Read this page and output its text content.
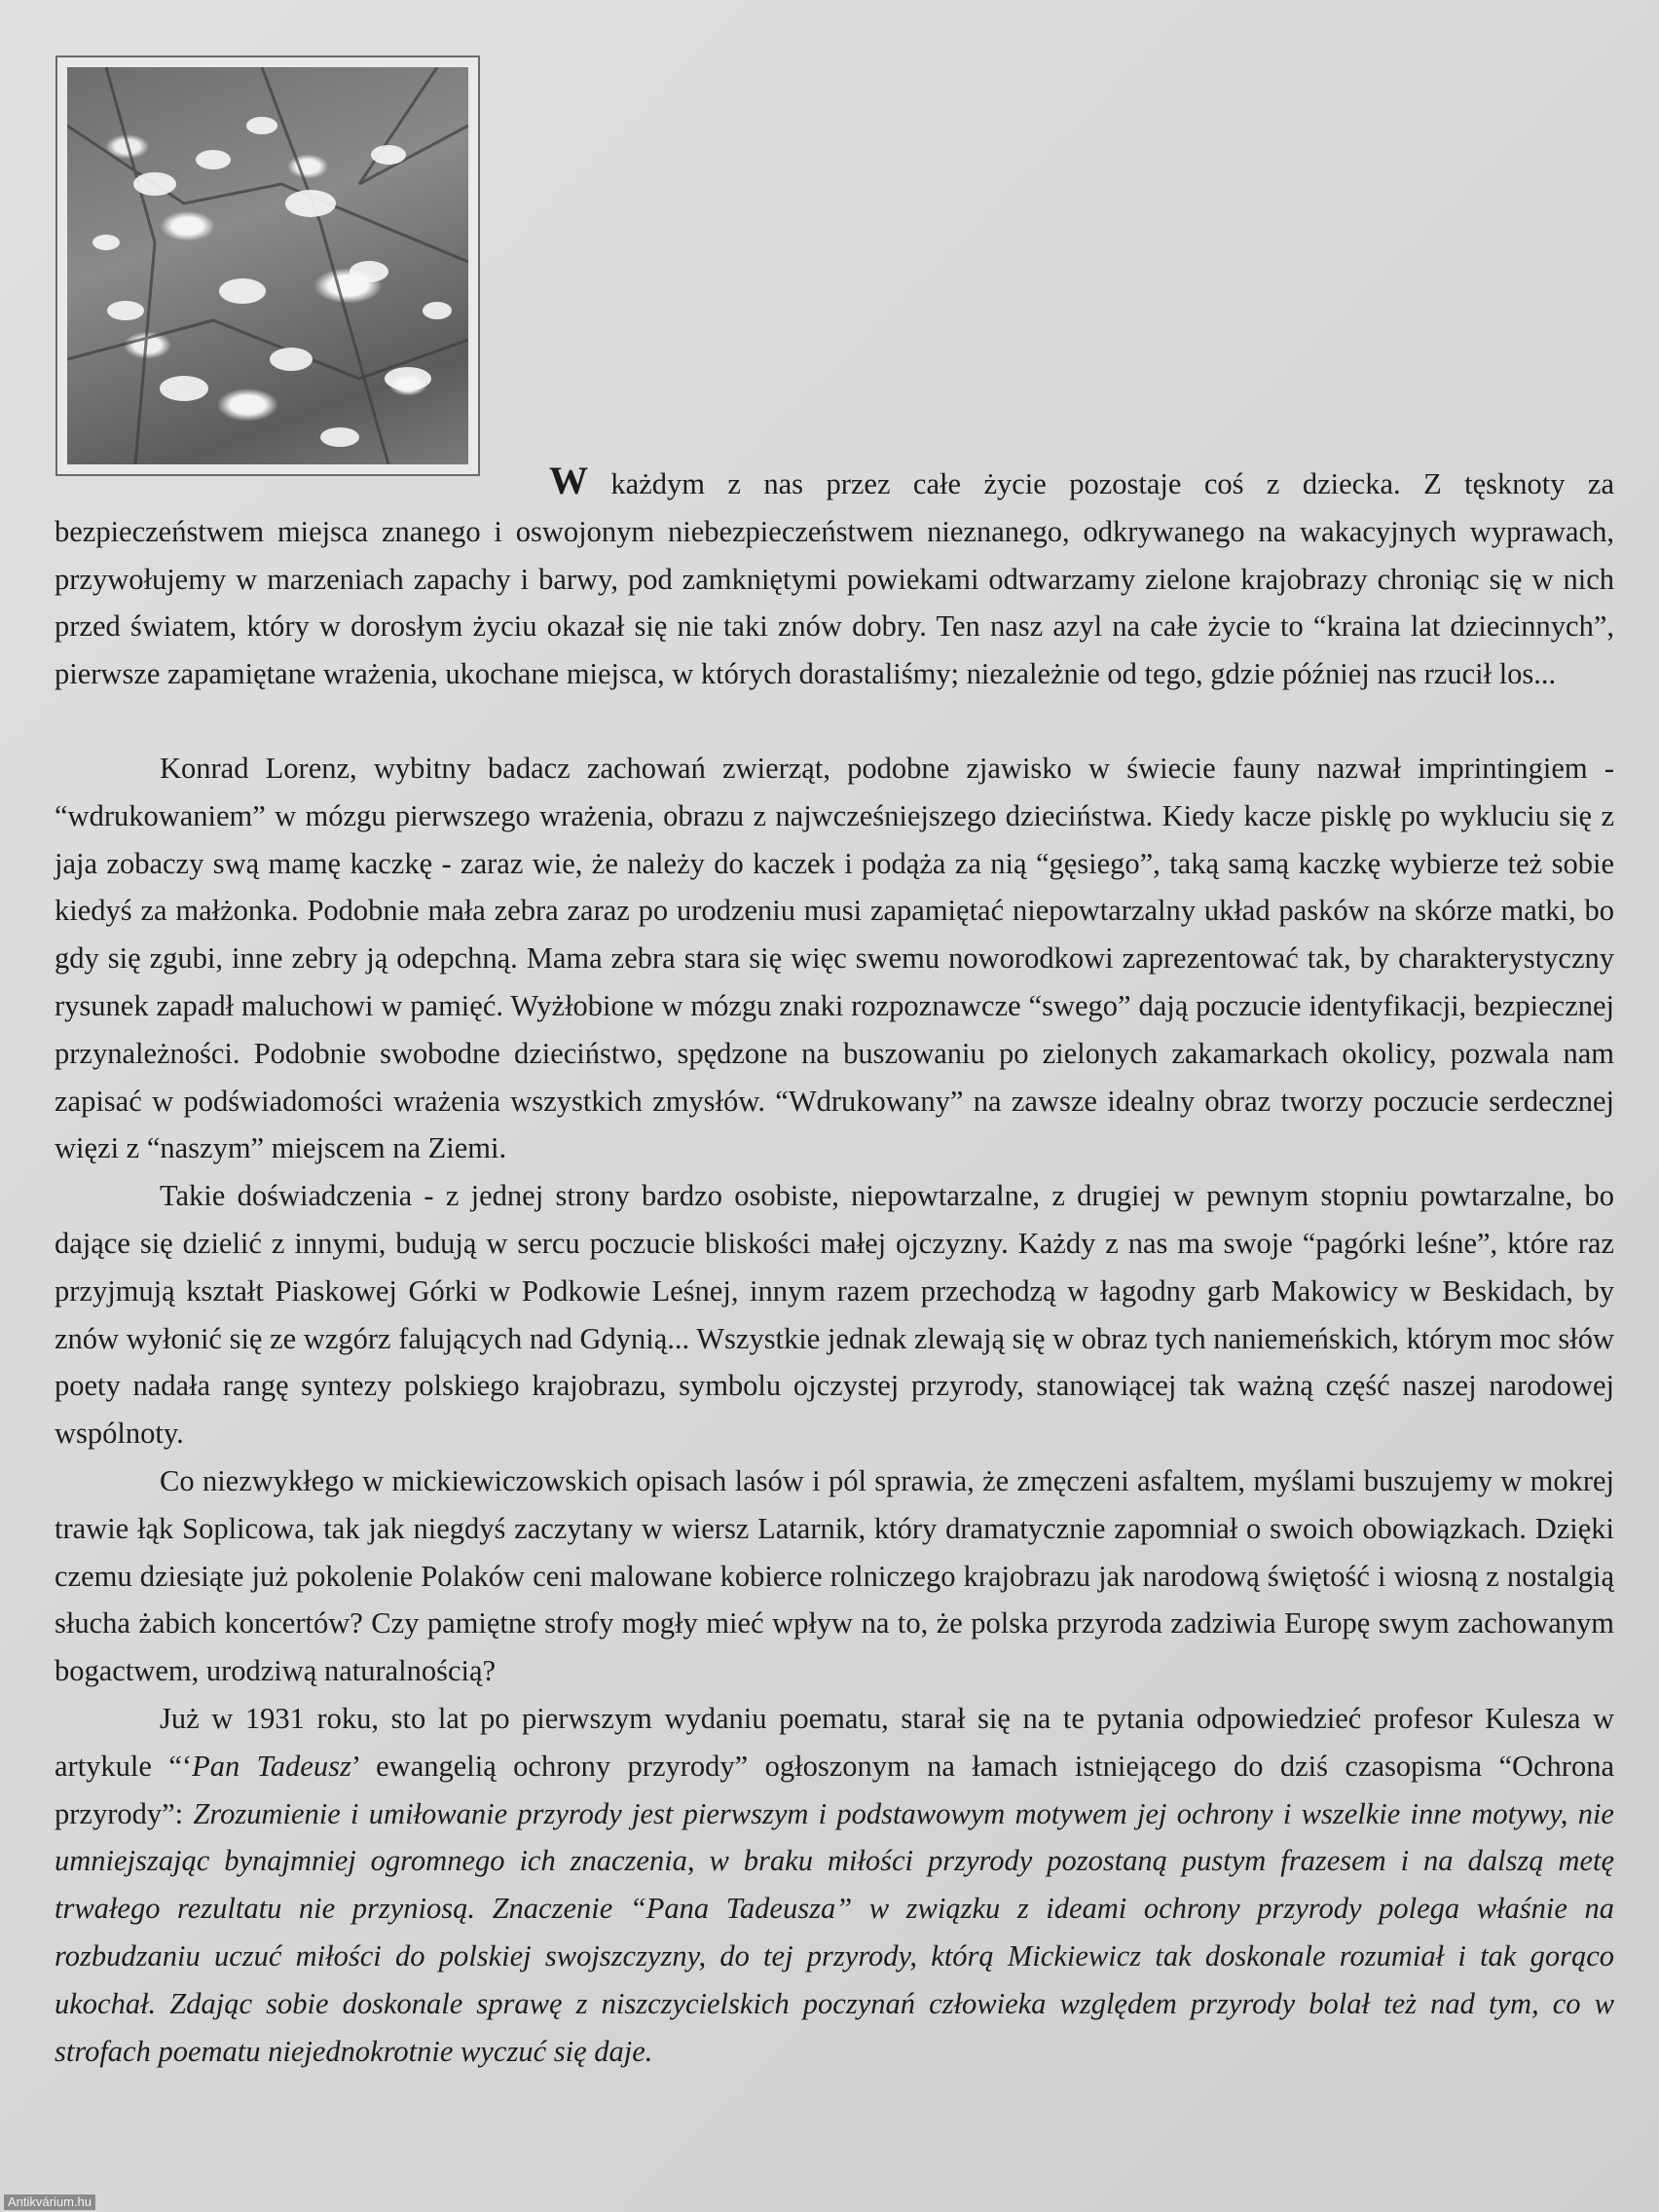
W każdym z nas przez całe życie pozostaje coś z dziecka. Z tęsknoty za bezpieczeństwem miejsca znanego i oswojonym niebezpieczeństwem nieznanego, odkrywanego na wakacyjnych wyprawach, przywołujemy w marzeniach zapachy i barwy, pod zamkniętymi powiekami odtwarzamy zielone krajobrazy chroniąc się w nich przed światem, który w dorosłym życiu okazał się nie taki znów dobry. Ten nasz azyl na całe życie to “kraina lat dziecinnych”, pierwsze zapamiętane wrażenia, ukochane miejsca, w których dorastaliśmy; niezależnie od tego, gdzie później nas rzucił los...

Konrad Lorenz, wybitny badacz zachowań zwierząt, podobne zjawisko w świecie fauny nazwał imprintingiem - “wdrukowaniem” w mózgu pierwszego wrażenia, obrazu z najwcześniejszego dzieciństwa. Kiedy kacze pisklę po wykluciu się z jaja zobaczy swą mamę kaczkę - zaraz wie, że należy do kaczek i podąża za nią “gęsiego”, taką samą kaczkę wybierze też sobie kiedyś za małżonka. Podobnie mała zebra zaraz po urodzeniu musi zapamiętać niepowtarzalny układ pasków na skórze matki, bo gdy się zgubi, inne zebry ją odepchną. Mama zebra stara się więc swemu noworodkowi zaprezentować tak, by charakterystyczny rysunek zapadł maluchowi w pamięć. Wyżłobione w mózgu znaki rozpoznawcze “swego” dają poczucie identyfikacji, bezpiecznej przynależności. Podobnie swobodne dzieciństwo, spędzone na buszowaniu po zielonych zakamarkach okolicy, pozwala nam zapisać w podświadomości wrażenia wszystkich zmysłów. “Wdrukowany” na zawsze idealny obraz tworzy poczucie serdecznej więzi z “naszym” miejscem na Ziemi.

Takie doświadczenia - z jednej strony bardzo osobiste, niepowtarzalne, z drugiej w pewnym stopniu powtarzalne, bo dające się dzielić z innymi, budują w sercu poczucie bliskości małej ojczyzny. Każdy z nas ma swoje “pagórki leśne”, które raz przyjmują kształt Piaskowej Górki w Podkowie Leśnej, innym razem przechodzą w łagodny garb Makowicy w Beskidach, by znów wyłonić się ze wzgórz falujących nad Gdynią... Wszystkie jednak zlewają się w obraz tych naniemeńskich, którym moc słów poety nadała rangę syntezy polskiego krajobrazu, symbolu ojczystej przyrody, stanowiącej tak ważną część naszej narodowej wspólnoty.

Co niezwykłego w mickiewiczowskich opisach lasów i pól sprawia, że zmęczeni asfaltem, myślami buszujemy w mokrej trawie łąk Soplicowa, tak jak niegdyś zaczytany w wiersz Latarnik, który dramatycznie zapomniał o swoich obowiązkach. Dzięki czemu dziesiąte już pokolenie Polaków ceni malowane kobierce rolniczego krajobrazu jak narodową świętość i wiosną z nostalgią słucha żabich koncertów? Czy pamiętne strofy mogły mieć wpływ na to, że polska przyroda zadziwia Europę swym zachowanym bogactwem, urodziwą naturalnością?

Już w 1931 roku, sto lat po pierwszym wydaniu poematu, starał się na te pytania odpowiedzieć profesor Kulesza w artykule “‘Pan Tadeusz’ ewangelią ochrony przyrody” ogłoszonym na łamach istniejącego do dziś czasopisma “Ochrona przyrody”: Zrozumienie i umiłowanie przyrody jest pierwszym i podstawowym motywem jej ochrony i wszelkie inne motywy, nie umniejszając bynajmniej ogromnego ich znaczenia, w braku miłości przyrody pozostaną pustym frazesem i na dalszą metę trwałego rezultatu nie przyniosą. Znaczenie “Pana Tadeusza” w związku z ideami ochrony przyrody polega właśnie na rozbudzaniu uczuć miłości do polskiej swojszczyzny, do tej przyrody, którą Mickiewicz tak doskonale rozumiał i tak gorąco ukochał. Zdając sobie doskonale sprawę z niszczycielskich poczynań człowieka względem przyrody bolał też nad tym, co w strofach poematu niejednokrotnie wyczuć się daje.

Antikvárium.hu
